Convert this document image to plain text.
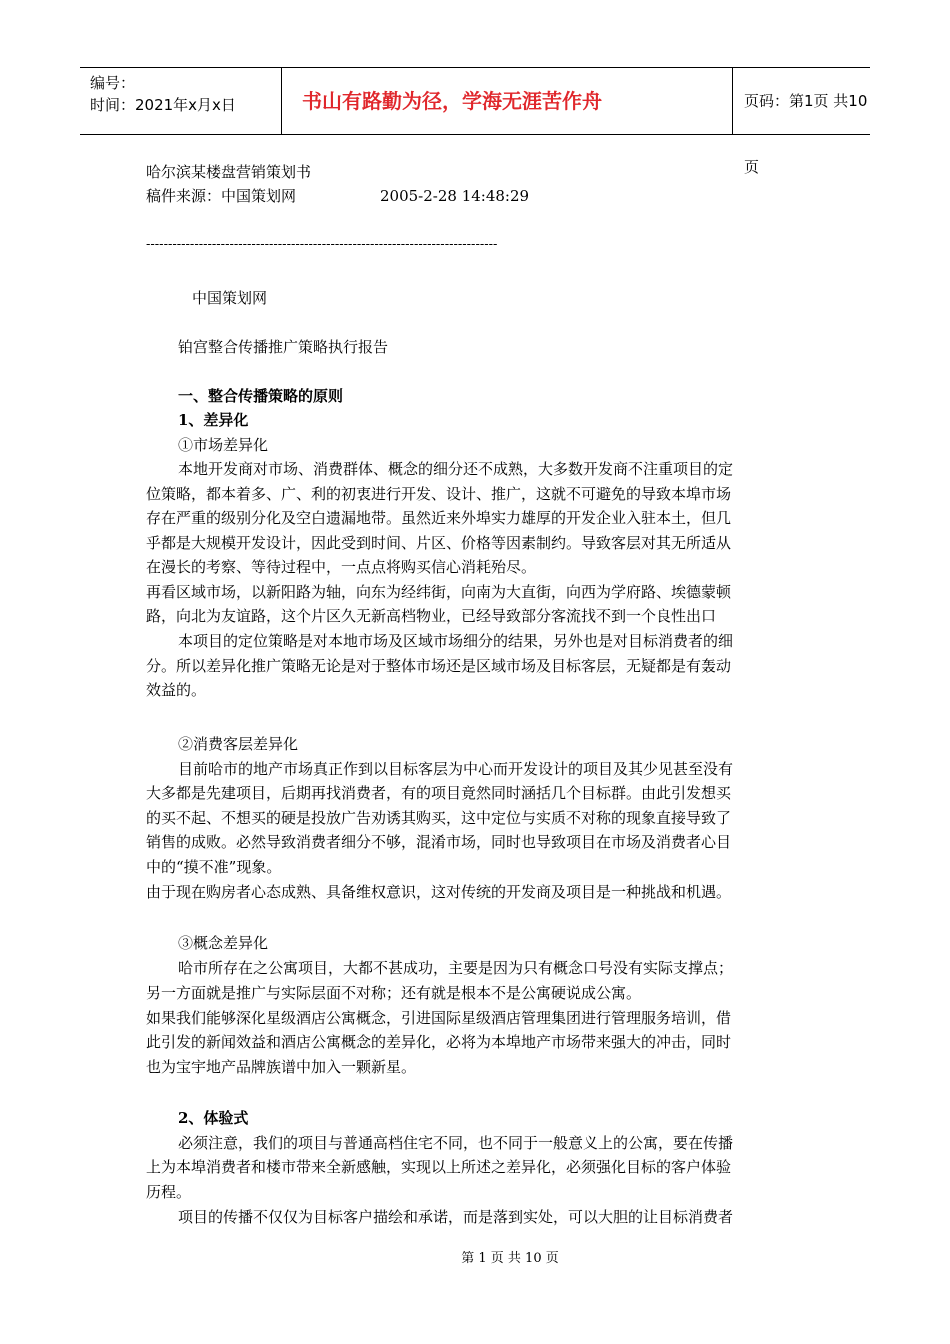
编号：
时间：2021年x月x日	书山有路勤为径，学海无涯苦作舟	页码：第1页 共10页
哈尔滨某楼盘营销策划书
稿件来源：中国策划网	2005-2-28 14:48:29
--------------------------------------------------------------------------------
中国策划网
铂宫整合传播推广策略执行报告
一、整合传播策略的原则
1、差异化
①市场差异化
本地开发商对市场、消费群体、概念的细分还不成熟，大多数开发商不注重项目的定
位策略，都本着多、广、利的初衷进行开发、设计、推广，这就不可避免的导致本埠市场
存在严重的级别分化及空白遗漏地带。虽然近来外埠实力雄厚的开发企业入驻本土，但几
乎都是大规模开发设计，因此受到时间、片区、价格等因素制约。导致客层对其无所适从
在漫长的考察、等待过程中，一点点将购买信心消耗殆尽。
再看区域市场，以新阳路为轴，向东为经纬街，向南为大直街，向西为学府路、埃德蒙顿
路，向北为友谊路，这个片区久无新高档物业，已经导致部分客流找不到一个良性出口
本项目的定位策略是对本地市场及区域市场细分的结果，另外也是对目标消费者的细
分。所以差异化推广策略无论是对于整体市场还是区域市场及目标客层，无疑都是有轰动
效益的。
②消费客层差异化
目前哈市的地产市场真正作到以目标客层为中心而开发设计的项目及其少见甚至没有
大多都是先建项目，后期再找消费者，有的项目竟然同时涵括几个目标群。由此引发想买
的买不起、不想买的硬是投放广告劝诱其购买，这中定位与实质不对称的现象直接导致了
销售的成败。必然导致消费者细分不够，混淆市场，同时也导致项目在市场及消费者心目
中的“摸不准”现象。
由于现在购房者心态成熟、具备维权意识，这对传统的开发商及项目是一种挑战和机遇。
③概念差异化
哈市所存在之公寓项目，大都不甚成功，主要是因为只有概念口号没有实际支撑点；
另一方面就是推广与实际层面不对称；还有就是根本不是公寓硬说成公寓。
如果我们能够深化星级酒店公寓概念，引进国际星级酒店管理集团进行管理服务培训，借
此引发的新闻效益和酒店公寓概念的差异化，必将为本埠地产市场带来强大的冲击，同时
也为宝宇地产品牌族谱中加入一颗新星。
2、体验式
必须注意，我们的项目与普通高档住宅不同，也不同于一般意义上的公寓，要在传播
上为本埠消费者和楼市带来全新感触，实现以上所述之差异化，必须强化目标的客户体验
历程。
项目的传播不仅仅为目标客户描绘和承诺，而是落到实处，可以大胆的让目标消费者
第 1 页 共 10 页
